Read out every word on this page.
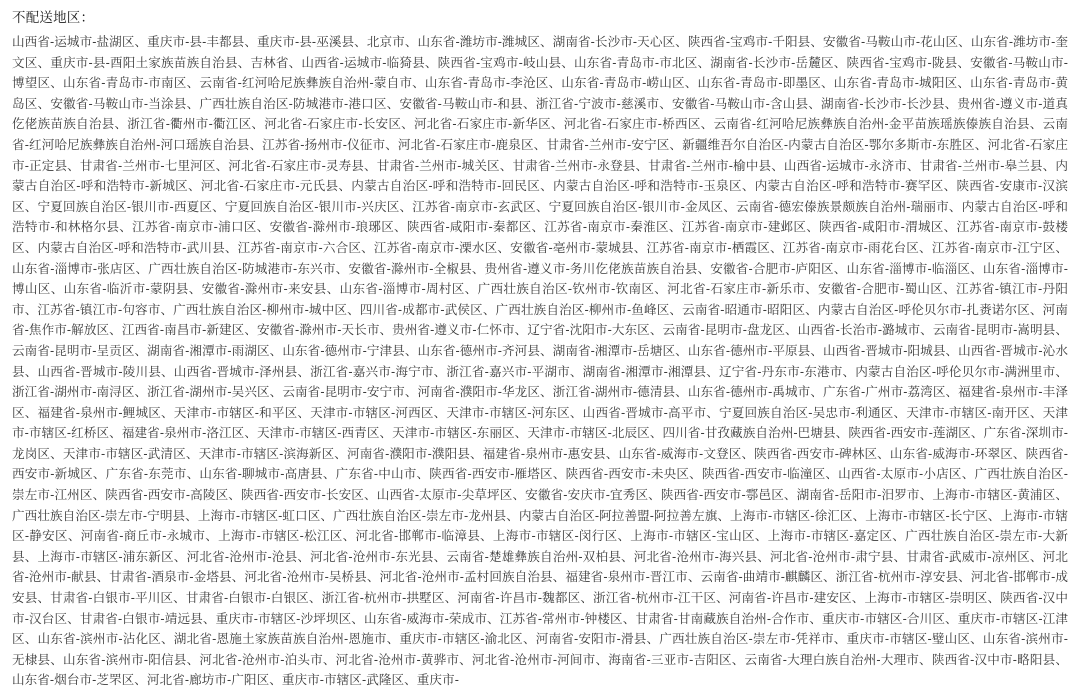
不配送地区：
山西省-运城市-盐湖区、重庆市-县-丰都县、重庆市-县-巫溪县、北京市、山东省-潍坊市-潍城区、湖南省-长沙市-天心区、陕西省-宝鸡市-千阳县、安徽省-马鞍山市-花山区、山东省-潍坊市-奎文区、重庆市-县-酉阳土家族苗族自治县、吉林省、山西省-运城市-临猗县、陕西省-宝鸡市-岐山县、山东省-青岛市-市北区、湖南省-长沙市-岳麓区、陕西省-宝鸡市-陇县、安徽省-马鞍山市-博望区、山东省-青岛市-市南区、云南省-红河哈尼族彝族自治州-蒙自市、山东省-青岛市-李沧区、山东省-青岛市-崂山区、山东省-青岛市-即墨区、山东省-青岛市-城阳区、山东省-青岛市-黄岛区、安徽省-马鞍山市-当涂县、广西壮族自治区-防城港市-港口区、安徽省-马鞍山市-和县、浙江省-宁波市-慈溪市、安徽省-马鞍山市-含山县、湖南省-长沙市-长沙县、贵州省-遵义市-道真仡佬族苗族自治县、浙江省-衢州市-衢江区、河北省-石家庄市-长安区、河北省-石家庄市-新华区、河北省-石家庄市-桥西区、云南省-红河哈尼族彝族自治州-金平苗族瑶族傣族自治县、云南省-红河哈尼族彝族自治州-河口瑶族自治县、江苏省-扬州市-仪征市、河北省-石家庄市-鹿泉区、甘肃省-兰州市-安宁区、新疆维吾尔自治区-内蒙古自治区-鄂尔多斯市-东胜区、河北省-石家庄市-正定县、甘肃省-兰州市-七里河区、河北省-石家庄市-灵寿县、甘肃省-兰州市-城关区、甘肃省-兰州市-永登县、甘肃省-兰州市-榆中县、山西省-运城市-永济市、甘肃省-兰州市-皋兰县、内蒙古自治区-呼和浩特市-新城区、河北省-石家庄市-元氏县、内蒙古自治区-呼和浩特市-回民区、内蒙古自治区-呼和浩特市-玉泉区、内蒙古自治区-呼和浩特市-赛罕区、陕西省-安康市-汉滨区、宁夏回族自治区-银川市-西夏区、宁夏回族自治区-银川市-兴庆区、江苏省-南京市-玄武区、宁夏回族自治区-银川市-金凤区、云南省-德宏傣族景颇族自治州-瑞丽市、内蒙古自治区-呼和浩特市-和林格尔县、江苏省-南京市-浦口区、安徽省-滁州市-琅琊区、陕西省-咸阳市-秦都区、江苏省-南京市-秦淮区、江苏省-南京市-建邺区、陕西省-咸阳市-渭城区、江苏省-南京市-鼓楼区、内蒙古自治区-呼和浩特市-武川县、江苏省-南京市-六合区、江苏省-南京市-溧水区、安徽省-亳州市-蒙城县、江苏省-南京市-栖霞区、江苏省-南京市-雨花台区、江苏省-南京市-江宁区、山东省-淄博市-张店区、广西壮族自治区-防城港市-东兴市、安徽省-滁州市-全椒县、贵州省-遵义市-务川仡佬族苗族自治县、安徽省-合肥市-庐阳区、山东省-淄博市-临淄区、山东省-淄博市-博山区、山东省-临沂市-蒙阴县、安徽省-滁州市-来安县、山东省-淄博市-周村区、广西壮族自治区-钦州市-钦南区、河北省-石家庄市-新乐市、安徽省-合肥市-蜀山区、江苏省-镇江市-丹阳市、江苏省-镇江市-句容市、广西壮族自治区-柳州市-城中区、四川省-成都市-武侯区、广西壮族自治区-柳州市-鱼峰区、云南省-昭通市-昭阳区、内蒙古自治区-呼伦贝尔市-扎赉诺尔区、河南省-焦作市-解放区、江西省-南昌市-新建区、安徽省-滁州市-天长市、贵州省-遵义市-仁怀市、辽宁省-沈阳市-大东区、云南省-昆明市-盘龙区、山西省-长治市-潞城市、云南省-昆明市-嵩明县、云南省-昆明市-呈贡区、湖南省-湘潭市-雨湖区、山东省-德州市-宁津县、山东省-德州市-齐河县、湖南省-湘潭市-岳塘区、山东省-德州市-平原县、山西省-晋城市-阳城县、山西省-晋城市-沁水县、山西省-晋城市-陵川县、山西省-晋城市-泽州县、浙江省-嘉兴市-海宁市、浙江省-嘉兴市-平湖市、湖南省-湘潭市-湘潭县、辽宁省-丹东市-东港市、内蒙古自治区-呼伦贝尔市-满洲里市、浙江省-湖州市-南浔区、浙江省-湖州市-吴兴区、云南省-昆明市-安宁市、河南省-濮阳市-华龙区、浙江省-湖州市-德清县、山东省-德州市-禹城市、广东省-广州市-荔湾区、福建省-泉州市-丰泽区、福建省-泉州市-鲤城区、天津市-市辖区-和平区、天津市-市辖区-河西区、天津市-市辖区-河东区、山西省-晋城市-高平市、宁夏回族自治区-吴忠市-利通区、天津市-市辖区-南开区、天津市-市辖区-红桥区、福建省-泉州市-洛江区、天津市-市辖区-西青区、天津市-市辖区-东丽区、天津市-市辖区-北辰区、四川省-甘孜藏族自治州-巴塘县、陕西省-西安市-莲湖区、广东省-深圳市-龙岗区、天津市-市辖区-武清区、天津市-市辖区-滨海新区、河南省-濮阳市-濮阳县、福建省-泉州市-惠安县、山东省-威海市-文登区、陕西省-西安市-碑林区、山东省-威海市-环翠区、陕西省-西安市-新城区、广东省-东莞市、山东省-聊城市-高唐县、广东省-中山市、陕西省-西安市-雁塔区、陕西省-西安市-未央区、陕西省-西安市-临潼区、山西省-太原市-小店区、广西壮族自治区-崇左市-江州区、陕西省-西安市-高陵区、陕西省-西安市-长安区、山西省-太原市-尖草坪区、安徽省-安庆市-宜秀区、陕西省-西安市-鄠邑区、湖南省-岳阳市-汨罗市、上海市-市辖区-黄浦区、广西壮族自治区-崇左市-宁明县、上海市-市辖区-虹口区、广西壮族自治区-崇左市-龙州县、内蒙古自治区-阿拉善盟-阿拉善左旗、上海市-市辖区-徐汇区、上海市-市辖区-长宁区、上海市-市辖区-静安区、河南省-商丘市-永城市、上海市-市辖区-松江区、河北省-邯郸市-临漳县、上海市-市辖区-闵行区、上海市-市辖区-宝山区、上海市-市辖区-嘉定区、广西壮族自治区-崇左市-大新县、上海市-市辖区-浦东新区、河北省-沧州市-沧县、河北省-沧州市-东光县、云南省-楚雄彝族自治州-双柏县、河北省-沧州市-海兴县、河北省-沧州市-肃宁县、甘肃省-武威市-凉州区、河北省-沧州市-献县、甘肃省-酒泉市-金塔县、河北省-沧州市-吴桥县、河北省-沧州市-孟村回族自治县、福建省-泉州市-晋江市、云南省-曲靖市-麒麟区、浙江省-杭州市-淳安县、河北省-邯郸市-成安县、甘肃省-白银市-平川区、甘肃省-白银市-白银区、浙江省-杭州市-拱墅区、河南省-许昌市-魏都区、浙江省-杭州市-江干区、河南省-许昌市-建安区、上海市-市辖区-崇明区、陕西省-汉中市-汉台区、甘肃省-白银市-靖远县、重庆市-市辖区-沙坪坝区、山东省-威海市-荣成市、江苏省-常州市-钟楼区、甘肃省-甘南藏族自治州-合作市、重庆市-市辖区-合川区、重庆市-市辖区-江津区、山东省-滨州市-沾化区、湖北省-恩施土家族苗族自治州-恩施市、重庆市-市辖区-渝北区、河南省-安阳市-滑县、广西壮族自治区-崇左市-凭祥市、重庆市-市辖区-璧山区、山东省-滨州市-无棣县、山东省-滨州市-阳信县、河北省-沧州市-泊头市、河北省-沧州市-黄骅市、河北省-沧州市-河间市、海南省-三亚市-吉阳区、云南省-大理白族自治州-大理市、陕西省-汉中市-略阳县、山东省-烟台市-芝罘区、河北省-廊坊市-广阳区、重庆市-市辖区-武隆区、重庆市-
